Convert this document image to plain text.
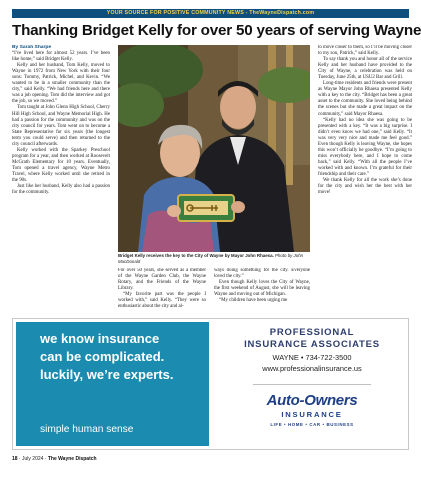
YOUR SOURCE FOR POSITIVE COMMUNITY NEWS - TheWayneDispatch.com
Thanking Bridget Kelly for over 50 years of serving Wayne
By Sarah Sharpe

“I've lived here for almost 52 years. I’ve been like home,” said Bridget Kelly.

Kelly and her husband, Tom Kelly, moved to Wayne in 1972 from New York with their four sons: Tommy, Patrick, Michel, and Kevin. “We wanted to be in a smaller community than the city,” said Kelly. “We had friends here and there was a job opening. Tom did the interview and got the job, so we moved.”

Tom taught at John Glenn High School, Cherry Hill High School, and Wayne Memorial High. He had a passion for the community and was on the city council for years. Tom went on to become a State Representative for six years (the longest term you could serve) and then returned to the city council afterwards.

Kelly worked with the Sparkey Preschool program for a year, and then worked at Roosevelt McGrath Elementary for 10 years. Eventually, Tom opened a travel agency, Wayne Metro Travel, where Kelly worked until she retired in the 90s.

Just like her husband, Kelly also had a passion for the community.

Bridget Kelly receives the key to the City of Wayne by Mayor John Rhaesa. Photo by John MacDonald

For over 50 years, she served as a member of the Wayne Garden Club, the Wayne Rotary, and the Friends of the Wayne Library.

“My favorite part was the people I worked with,” said Kelly. “They were so enthusiastic about the city and al-

ways doing something for the city. Everyone loved the city.”

Even though Kelly loves the City of Wayne, the first weekend of August, she will be leaving Wayne and moving out of Michigan.

“My children have been urging me

to move closer to them, so I’ll be moving closer to my son, Patrick,” said Kelly.

To say thank you and honor all of the service Kelly and her husband have provided to the City of Wayne, a celebration was held on Tuesday, June 25th, at USU2 Bar and Grill.

Long-time residents and friends were present as Wayne Mayor John Rhaesa presented Kelly with a key to the city. “Bridget has been a great asset to the community. She loved being behind the scenes but she made a great impact on the community,” said Mayor Rhaesa.

“Kelly had no idea she was going to be presented with a key. “It was a big surprise. I didn’t even know we had one,” said Kelly. “It was very very nice and made me feel good.” Even though Kelly is leaving Wayne, she hopes this won’t officially be goodbye. “I’m going to miss everybody here, and I hope to come back,” said Kelly. “With all the people I’ve worked with and known. I’m grateful for their friendship and their care.”

We thank Kelly for all the work she’s done for the city and wish her the best with her move!

we know insurance
can be complicated.
luckily, we’re experts.
simple human sense
PROFESSIONAL
INSURANCE ASSOCIATES
WAYNE • 734-722-3500
www.professionalinsurance.us
Auto-Owners
INSURANCE
LIFE • HOME • CAR • BUSINESS
18 · July 2024 · The Wayne Dispatch
